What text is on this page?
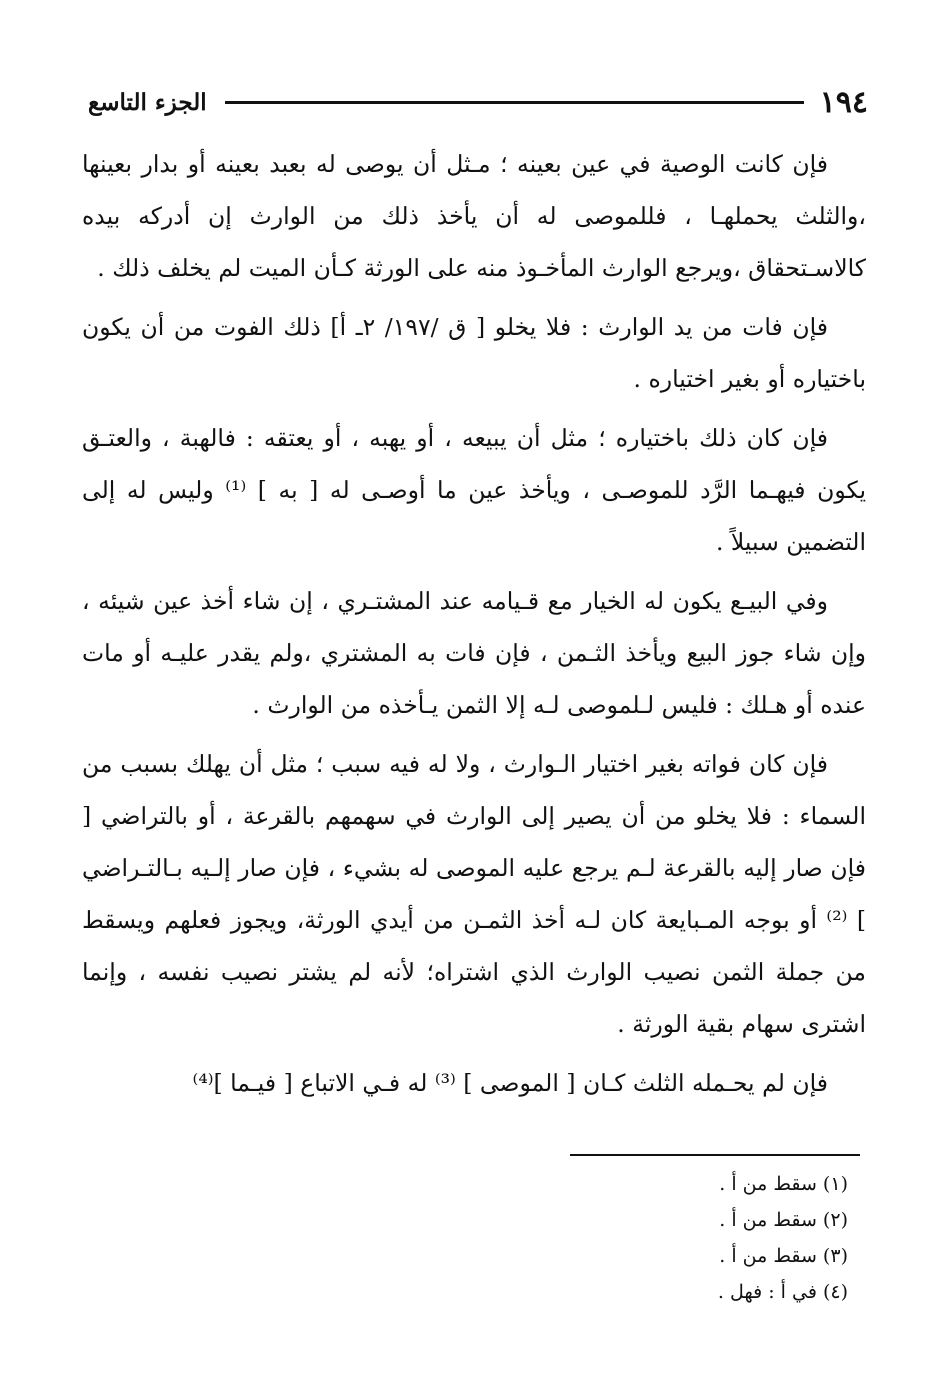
١٩٤
الجزء التاسع

فإن كانت الوصية في عين بعينه ؛ مـثل أن يوصى له بعبد بعينه أو بدار بعينها ،والثلث يحملهـا ، فللموصى له أن يأخذ ذلك من الوارث إن أدركه بيده كالاسـتحقاق ،ويرجع الوارث المأخـوذ منه على الورثة كـأن الميت لم يخلف ذلك .

فإن فات من يد الوارث : فلا يخلو [ ق /١٩٧/ ٢ـ أ] ذلك الفوت من أن يكون باختياره أو بغير اختياره .

فإن كان ذلك باختياره ؛ مثل أن يبيعه ، أو يهبه ، أو يعتقه : فالهبة ، والعتـق يكون فيهـما الرَّد للموصـى ، ويأخذ عين ما أوصـى له [ به ] ⁽¹⁾ وليس له إلى التضمين سبيلاً .

وفي البيـع يكون له الخيار مع قـيامه عند المشتـري ، إن شاء أخذ عين شيئه ، وإن شاء جوز البيع ويأخذ الثـمن ، فإن فات به المشتري ،ولم يقدر عليـه أو مات عنده أو هـلك : فليس لـلموصى لـه إلا الثمن يـأخذه من الوارث .

فإن كان فواته بغير اختيار الـوارث ، ولا له فيه سبب ؛ مثل أن يهلك بسبب من السماء : فلا يخلو من أن يصير إلى الوارث في سهمهم بالقرعة ، أو بالتراضي [ فإن صار إليه بالقرعة لـم يرجع عليه الموصى له بشيء ، فإن صار إلـيه بـالتـراضي ] ⁽²⁾ أو بوجه المـبايعة كان لـه أخذ الثمـن من أيدي الورثة، ويجوز فعلهم ويسقط من جملة الثمن نصيب الوارث الذي اشتراه؛ لأنه لم يشتر نصيب نفسه ، وإنما اشترى سهام بقية الورثة .

فإن لم يحـمله الثلث كـان [ الموصى ] ⁽³⁾ له فـي الاتباع [ فيـما ]⁽⁴⁾

(١) سقط من أ .

(٢) سقط من أ .

(٣) سقط من أ .

(٤) في أ : فهل .
